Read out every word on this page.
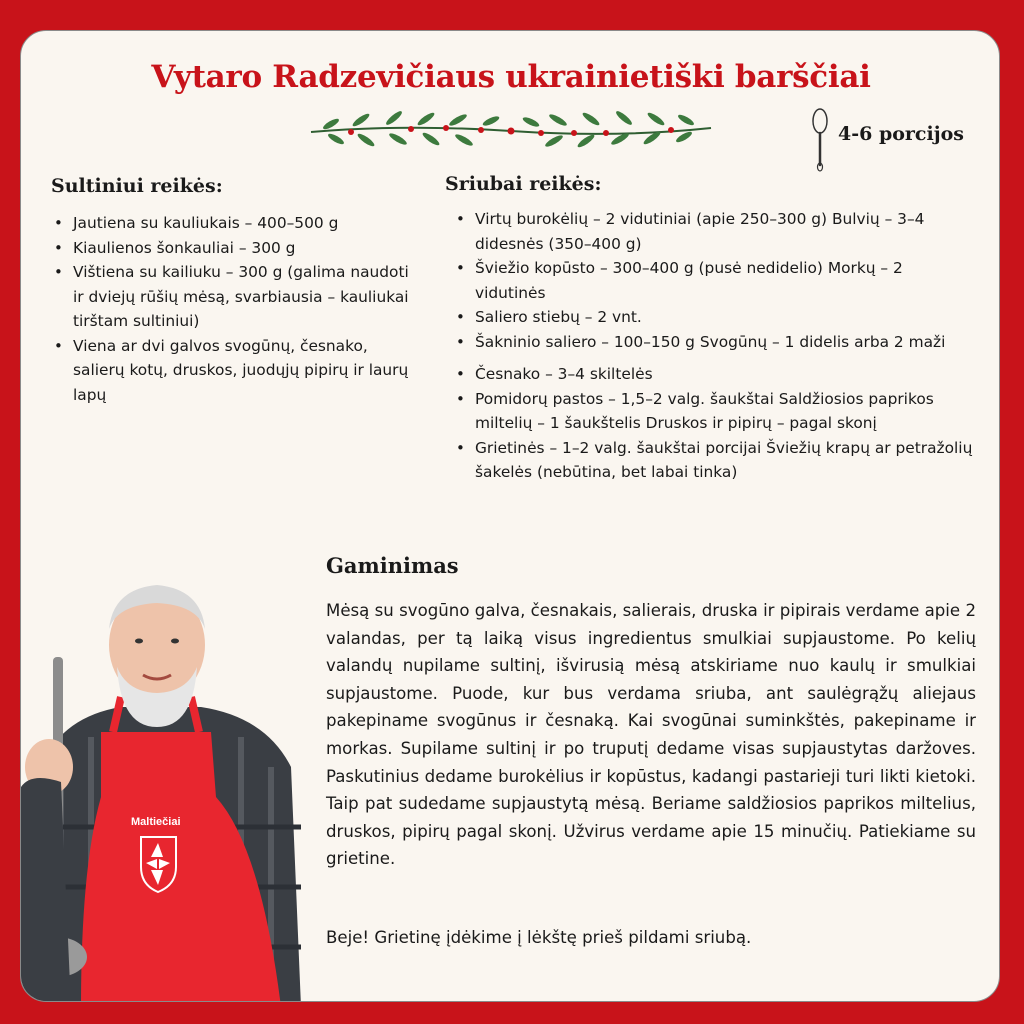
Vytaro Radzevičiaus ukrainietiški barščiai
4-6 porcijos
Sultiniui reikės:
• Jautiena su kauliukais – 400–500 g
• Kiaulienos šonkauliai – 300 g
• Vištiena su kailiuku – 300 g (galima naudoti ir dviejų rūšių mėsą, svarbiausia – kauliukai tirštam sultiniui)
• Viena ar dvi galvos svogūnų, česnako, salierų kotų, druskos, juodųjų pipirų ir laurų lapų
Sriubai reikės:
• Virtų burokėlių – 2 vidutiniai (apie 250–300 g) Bulvių – 3–4 didesnės (350–400 g)
• Šviežio kopūsto – 300–400 g (pusė nedidelio) Morkų – 2 vidutinės
• Saliero stiebų – 2 vnt.
• Šakninio saliero – 100–150 g Svogūnų – 1 didelis arba 2 maži
• Česnako – 3–4 skiltelės
• Pomidorų pastos – 1,5–2 valg. šaukštai Saldžiosios paprikos miltelių – 1 šaukštelis Druskos ir pipirų – pagal skonį
• Grietinės – 1–2 valg. šaukštai porcijai Šviežių krapų ar petražolių šakelės (nebūtina, bet labai tinka)
Gaminimas

Mėsą su svogūno galva, česnakais, salierais, druska ir pipirais verdame apie 2 valandas, per tą laiką visus ingredientus smulkiai supjaustome. Po kelių valandų nupilame sultinį, išvirusią mėsą atskiriame nuo kaulų ir smulkiai supjaustome. Puode, kur bus verdama sriuba, ant saulėgrąžų aliejaus pakepiname svogūnus ir česnaką. Kai svogūnai suminkštės, pakepiname ir morkas. Supilame sultinį ir po truputį dedame visas supjaustytas daržoves. Paskutinius dedame burokėlius ir kopūstus, kadangi pastarieji turi likti kietoki. Taip pat sudedame supjaustytą mėsą. Beriame saldžiosios paprikos miltelius, druskos, pipirų pagal skonį. Užvirus verdame apie 15 minučių. Patiekiame su grietine.

Beje! Grietinę įdėkime į lėkštę prieš pildami sriubą.

Maltiečiai
